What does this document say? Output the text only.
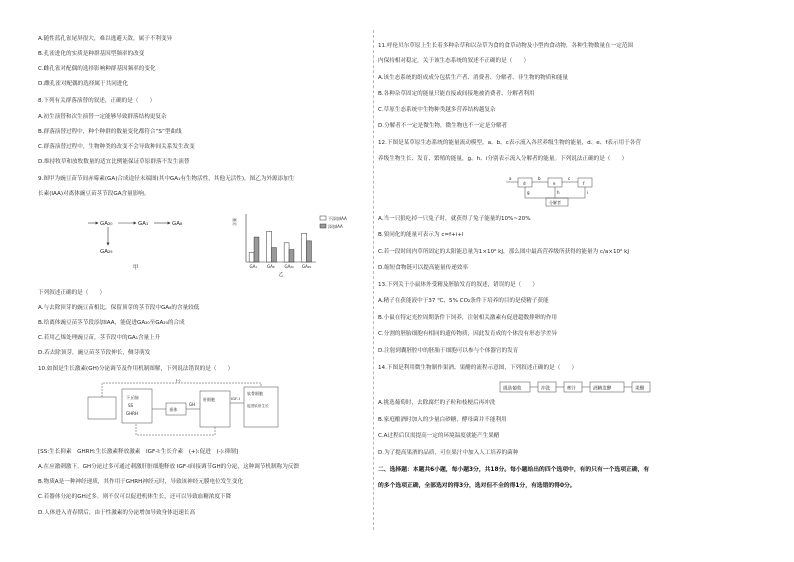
A.随性蓝孔雀尾屏很大，难以逃避天敌，属于不利变异
B.孔雀进化的实质是种群基因型频率的改变
C.雌孔雀对配偶的选择影响种群基因频率的变化
D.雌孔雀对配偶的选择属于共同进化
8.下列有关群落演替的叙述，正确的是（　　）
A.初生演替和次生演替一定能够导致群落结构更复杂
B.群落演替过程中，种个种群的数量变化都符合“S”型曲线
C.群落演替过程中，生物种类的改变不会导致种间关系发生改变
D.维持牧草和放牧数量的适宜比例能保证草原群落不发生演替
9.图甲为豌豆苗节间赤霉素(GA)合成途径末端图(其中GA₁有生物活性，其他无活性)，图乙为外源添加生
长素(IAA)对离体豌豆苗茎节段GA含量影响。
GA₂₀	GA₁	GA₈
GA₂₉
甲
含量
GA₁	GA₈	GA₂₀ GA₂₉
乙
不添加IAA
添加IAA
下列叙述正确的是（　　）
A.与去除顶芽的豌豆苗相比，保留顶芽的茎节段中GA₈的含量较低
B.给离体豌豆苗茎节段添加IAA，能促进GA₂₀至GA₂₉的合成
C.若用乙烯处理豌豆苗，茎节段中的GA₁含量上升
D.若去除顶芽，豌豆苗茎节段伸长，侧芽萌发
10.如图是生长激素(GH)分泌调节及作用机制图解，下列说法错误的是（　　）
下丘脑
SS
GHRH
垂体
GH
肝细胞	IGF-I
软骨细胞
促进软骨生长
(-)
[SS:生长抑素　GHRH:生长激素释放激素　IGF-I:生长介素　(+):促进　(-):抑制]
A.在应激刺激下，GH分泌过多可通过刺激肝脏细胞释放 IGF-I间接调节GH的分泌，这种调节机制称为反馈
B.物质A是一种神经递质，其作用于GHRH神经元时，导致该神经元膜电位发生变化
C.若器体分泌的GH过多，则不仅可以促进机体生长，还可以导致血糖浓度下降
D.人体进入青春期后，由于性激素的分泌增加导致身体迅速长高
11.呼伦贝尔草原上生长着多种杂草和以杂草为食的食草动物及小型肉食动物，各种生物数量在一定范围
内保持相对稳定，关于该生态系统的叙述不正确的是（　　）
A.该生态系统的组成成分包括生产者、消费者、分解者、非生物的物质和能量
B.各种杂草固定的能量只能直接或间接地被消费者、分解者利用
C.草原生态系统中生物种类越多营养结构越复杂
D.分解者不一定是微生物，微生物也不一定是分解者
12.下图是某草原生态系统的能量流动模型。a、b、c表示流入各营养级生物的能量，d、e、f表示用于各营
养级生物生长、发育、繁殖的能量，g、h、i分别表示流入分解者的能量。下列说法正确的是（　　）
a	b	c
d	e	f
g	h	i
分解者
A.当一只狼吃掉一只兔子时，就获得了兔子能量的10%~20%
B.狼同化的能量可表示为 c=f+i+l
C.若一段时间内草所固定的太阳能总量为1×10⁶ kJ，那么图中最高营养级所获得的能量为 c/a×10⁶ kJ
D.缩短食物链可以提高能量传递效率
13.下列关于小鼠体外受精及胚胎发育的叙述，错误的是（　　）
A.精子在获能液中于37 ℃、5% CO₂条件下培养的目的是使精子获能
B.小鼠在特定光控周期条件下饲养，注射相关激素有促进超数排卵的作用
C.分割的胚胎细胞有相同的遗传物质，因此发育成的个体没有形态学差异
D.注射到囊胚腔中的胚胎干细胞可以参与个体器官的发育
14.下图是利用微生物制作果酒、果醋的流程示意图，下列叙述正确的是（　　）
挑选葡萄	冲洗	榨汁	酒精发酵	果醋
A.挑选葡萄时，去除腐烂的子粒和枝梗后再冲洗
B.家庭酿酒时加入的少量白砂糖，酵母菌并不能利用
C.A过程后仅需提高一定的环境温度就能产生果醋
D.为了提高果酒的品质，可在果汁中加入人工培养的菌种
二、选择题：本题共6小题，每小题3分，共18分。每小题给出的四个选项中，有的只有一个选项正确，有
的多个选项正确，全部选对的得3分，选对但不全的得1分，有选错的得0分。
